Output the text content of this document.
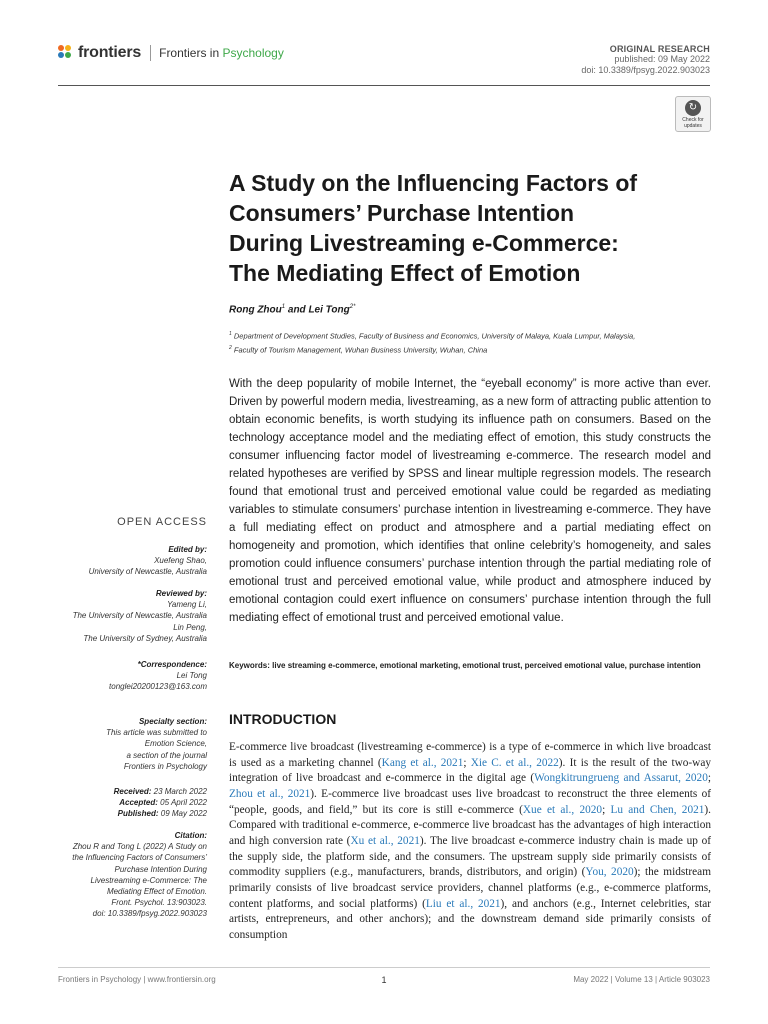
frontiers Frontiers in Psychology	ORIGINAL RESEARCH
published: 09 May 2022
doi: 10.3389/fpsyg.2022.903023
↻
Check for
updates
A Study on the Influencing Factors of
Consumers’ Purchase Intention
During Livestreaming e-Commerce:
The Mediating Effect of Emotion
Rong Zhou$^1$ and Lei Tong$^{2*}$
$^1$ Department of Development Studies, Faculty of Business and Economics, University of Malaya, Kuala Lumpur, Malaysia,
$^2$ Faculty of Tourism Management, Wuhan Business University, Wuhan, China
With the deep popularity of mobile Internet, the “eyeball economy” is more active than ever. Driven by powerful modern media, livestreaming, as a new form of attracting public attention to obtain economic benefits, is worth studying its influence path on consumers. Based on the technology acceptance model and the mediating effect of emotion, this study constructs the consumer influencing factor model of livestreaming e-commerce. The research model and related hypotheses are verified by SPSS and linear multiple regression models. The research found that emotional trust and perceived emotional value could be regarded as mediating variables to stimulate consumers’ purchase intention in livestreaming e-commerce. They have a full mediating effect on product and atmosphere and a partial mediating effect on homogeneity and promotion, which identifies that online celebrity’s homogeneity, and sales promotion could influence consumers’ purchase intention through the partial mediating role of emotional trust and perceived emotional value, while product and atmosphere induced by emotional contagion could exert influence on consumers’ purchase intention through the full mediating effect of emotional trust and perceived emotional value.
Keywords: live streaming e-commerce, emotional marketing, emotional trust, perceived emotional value, purchase intention
OPEN ACCESS
Edited by:
Xuefeng Shao,
University of Newcastle, Australia
Reviewed by:
Yameng Li,
The University of Newcastle, Australia
Lin Peng,
The University of Sydney, Australia
*Correspondence:
Lei Tong
tonglei20200123@163.com
Specialty section:
This article was submitted to
Emotion Science,
a section of the journal
Frontiers in Psychology
Received: 23 March 2022
Accepted: 05 April 2022
Published: 09 May 2022
Citation:
Zhou R and Tong L (2022) A Study on
the Influencing Factors of Consumers’
Purchase Intention During
Livestreaming e-Commerce: The
Mediating Effect of Emotion.
Front. Psychol. 13:903023.
doi: 10.3389/fpsyg.2022.903023
INTRODUCTION
E-commerce live broadcast (livestreaming e-commerce) is a type of e-commerce in which live broadcast is used as a marketing channel (Kang et al., 2021; Xie C. et al., 2022). It is the result of the two-way integration of live broadcast and e-commerce in the digital age (Wongkitrungrueng and Assarut, 2020; Zhou et al., 2021). E-commerce live broadcast uses live broadcast to reconstruct the three elements of “people, goods, and field,” but its core is still e-commerce (Xue et al., 2020; Lu and Chen, 2021). Compared with traditional e-commerce, e-commerce live broadcast has the advantages of high interaction and high conversion rate (Xu et al., 2021). The live broadcast e-commerce industry chain is made up of the supply side, the platform side, and the consumers. The upstream supply side primarily consists of commodity suppliers (e.g., manufacturers, brands, distributors, and origin) (You, 2020); the midstream primarily consists of live broadcast service providers, channel platforms (e.g., e-commerce platforms, content platforms, and social platforms) (Liu et al., 2021), and anchors (e.g., Internet celebrities, star artists, entrepreneurs, and other anchors); and the downstream demand side primarily consists of consumption
Frontiers in Psychology | www.frontiersin.org	1	May 2022 | Volume 13 | Article 903023
